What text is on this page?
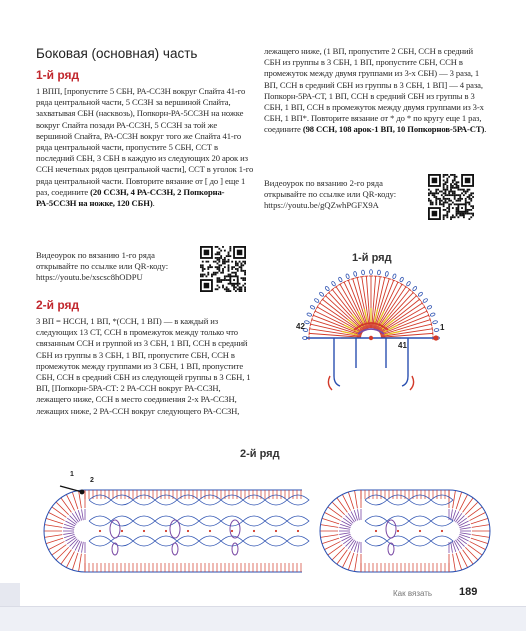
Боковая (основная) часть
1-й ряд

1 ВПП, [пропустите 5 СБН, РА-ССЗН вокруг Спайта 41-го ряда центральной части, 5 ССЗН за вершиной Спайта, захватывая СБН (насквозь), Попкорн-РА-5ССЗН на ножке вокруг Спайта позади РА-ССЗН, 5 ССЗН за той же вершиной Спайта, РА-ССЗН вокруг того же Спайта 41-го ряда центральной части, пропустите 5 СБН, ССТ в последний СБН, 3 СБН в каждую из следующих 20 арок из ССН нечетных рядов центральной части], ССТ в уголок 1-го ряда центральной части. Повторите вязание от [ до ] еще 1 раз, соедините (20 ССЗН, 4 РА-ССЗН, 2 Попкорна-РА-5ССЗН на ножке, 120 СБН).

Видеоурок по вязанию 1-го ряда открывайте по ссылке или QR-коду:
https://youtu.be/xscsc8hODPU
2-й ряд

3 ВП = НССН, 1 ВП, *(ССН, 1 ВП) — в каждый из следующих 13 СТ, ССН в промежуток между только что связанным ССН и группой из 3 СБН, 1 ВП, ССН в средний СБН из группы в 3 СБН, 1 ВП, пропустите СБН, ССН в промежуток между группами из 3 СБН, 1 ВП, пропустите СБН, ССН в средний СБН из следующей группы в 3 СБН, 1 ВП, [Попкорн-5РА-СТ: 2 РА-ССН вокруг РА-ССЗН, лежащего ниже, ССН в место соединения 2-х РА-ССЗН, лежащих ниже, 2 РА-ССН вокруг следующего РА-ССЗН,

лежащего ниже, (1 ВП, пропустите 2 СБН, ССН в средний СБН из группы в 3 СБН, 1 ВП, пропустите СБН, ССН в промежуток между двумя группами из 3-х СБН) — 3 раза, 1 ВП, ССН в средний СБН из группы в 3 СБН, 1 ВП] — 4 раза, Попкорн-5РА-СТ, 1 ВП, ССН в средний СБН из группы в 3 СБН, 1 ВП, ССН в промежуток между двумя группами из 3-х СБН, 1 ВП*. Повторите вязание от * до * по кругу еще 1 раз, соедините (98 ССН, 108 арок-1 ВП, 10 Попкорнов-5РА-СТ).

Видеоурок по вязанию 2-го ряда открывайте по ссылке или QR-коду:
https://youtu.be/gQZwhPGFX9A
1-й ряд
42	1
41
2-й ряд
1
2
Как вязать 189
